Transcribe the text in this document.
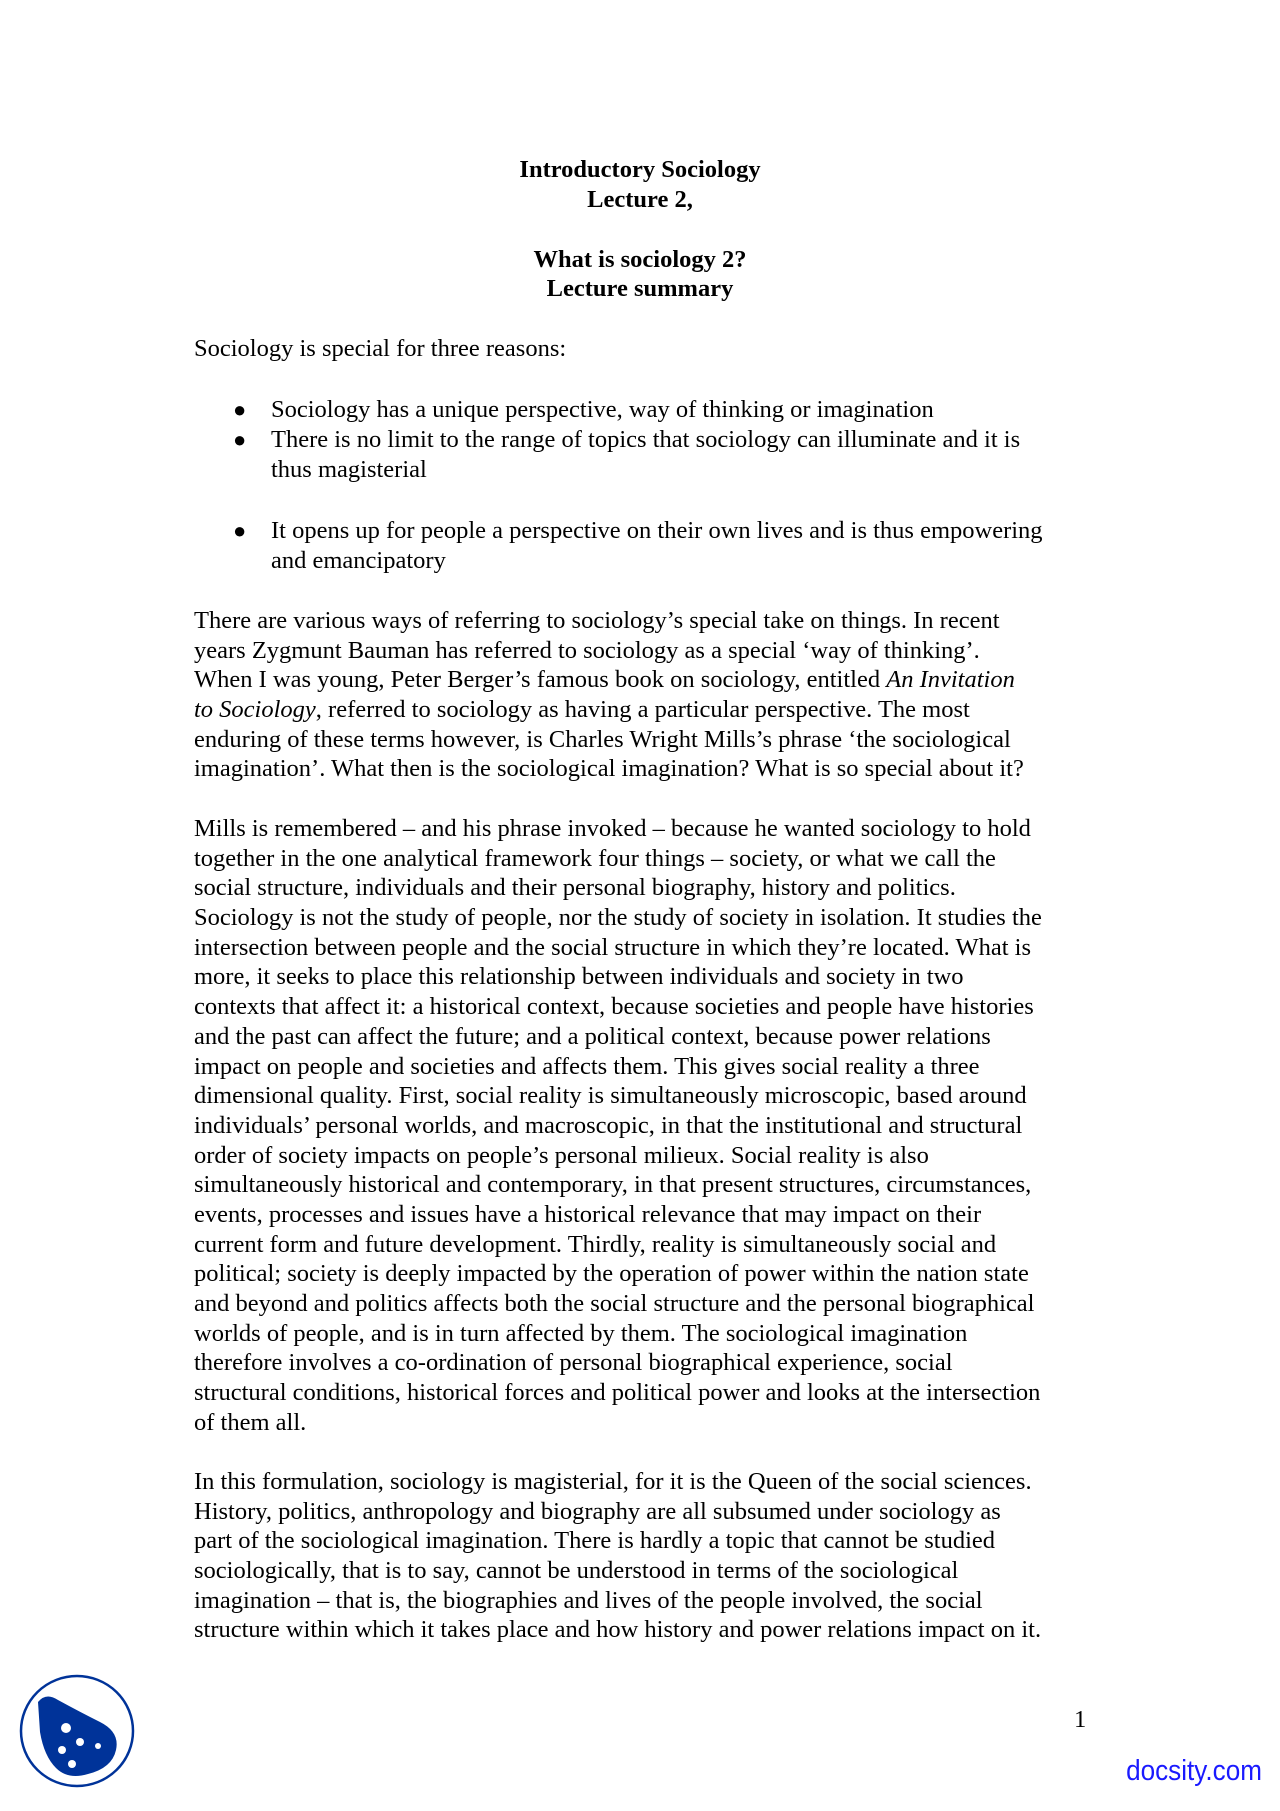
Introductory Sociology
Lecture 2,
What is sociology 2?
Lecture summary
Sociology is special for three reasons:
● Sociology has a unique perspective, way of thinking or imagination
● There is no limit to the range of topics that sociology can illuminate and it is
thus magisterial
● It opens up for people a perspective on their own lives and is thus empowering
and emancipatory
There are various ways of referring to sociology’s special take on things. In recent
years Zygmunt Bauman has referred to sociology as a special ‘way of thinking’.
When I was young, Peter Berger’s famous book on sociology, entitled An Invitation
to Sociology, referred to sociology as having a particular perspective. The most
enduring of these terms however, is Charles Wright Mills’s phrase ‘the sociological
imagination’. What then is the sociological imagination? What is so special about it?
Mills is remembered – and his phrase invoked – because he wanted sociology to hold
together in the one analytical framework four things – society, or what we call the
social structure, individuals and their personal biography, history and politics.
Sociology is not the study of people, nor the study of society in isolation. It studies the
intersection between people and the social structure in which they’re located. What is
more, it seeks to place this relationship between individuals and society in two
contexts that affect it: a historical context, because societies and people have histories
and the past can affect the future; and a political context, because power relations
impact on people and societies and affects them. This gives social reality a three
dimensional quality. First, social reality is simultaneously microscopic, based around
individuals’ personal worlds, and macroscopic, in that the institutional and structural
order of society impacts on people’s personal milieux. Social reality is also
simultaneously historical and contemporary, in that present structures, circumstances,
events, processes and issues have a historical relevance that may impact on their
current form and future development. Thirdly, reality is simultaneously social and
political; society is deeply impacted by the operation of power within the nation state
and beyond and politics affects both the social structure and the personal biographical
worlds of people, and is in turn affected by them. The sociological imagination
therefore involves a co-ordination of personal biographical experience, social
structural conditions, historical forces and political power and looks at the intersection
of them all.
In this formulation, sociology is magisterial, for it is the Queen of the social sciences.
History, politics, anthropology and biography are all subsumed under sociology as
part of the sociological imagination. There is hardly a topic that cannot be studied
sociologically, that is to say, cannot be understood in terms of the sociological
imagination – that is, the biographies and lives of the people involved, the social
structure within which it takes place and how history and power relations impact on it.
1
docsity.com
